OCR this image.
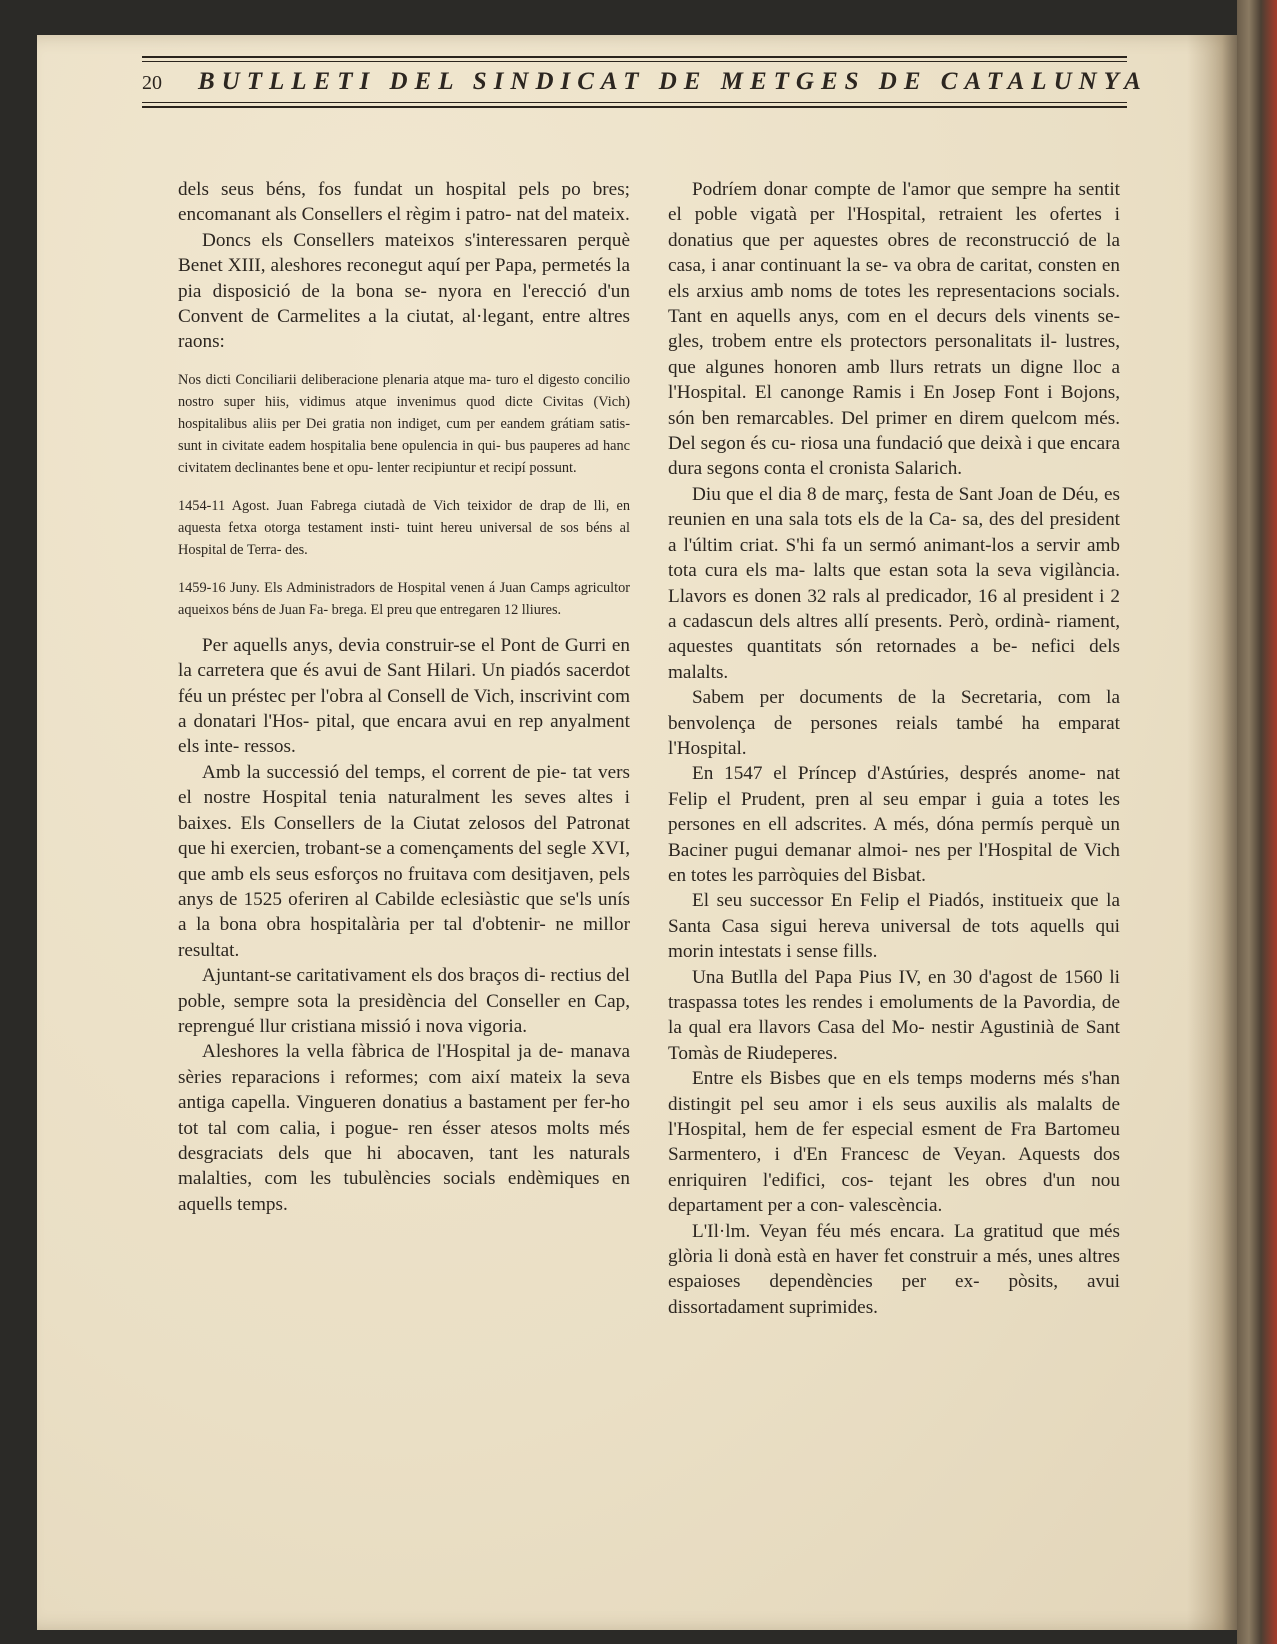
20 BUTLLETI DEL SINDICAT DE METGES DE CATALUNYA

dels seus béns, fos fundat un hospital pels po bres; encomanant als Consellers el règim i patro- nat del mateix.

Doncs els Consellers mateixos s'interessaren perquè Benet XIII, aleshores reconegut aquí per Papa, permetés la pia disposició de la bona se- nyora en l'erecció d'un Convent de Carmelites a la ciutat, al·legant, entre altres raons:

Nos dicti Conciliarii deliberacione plenaria atque ma- turo el digesto concilio nostro super hiis, vidimus atque invenimus quod dicte Civitas (Vich) hospitalibus aliis per Dei gratia non indiget, cum per eandem grátiam satis- sunt in civitate eadem hospitalia bene opulencia in qui- bus pauperes ad hanc civitatem declinantes bene et opu- lenter recipiuntur et recipí possunt.

1454-11 Agost. Juan Fabrega ciutadà de Vich teixidor de drap de lli, en aquesta fetxa otorga testament insti- tuint hereu universal de sos béns al Hospital de Terra- des.

1459-16 Juny. Els Administradors de Hospital venen á Juan Camps agricultor aqueixos béns de Juan Fa- brega. El preu que entregaren 12 lliures.

Per aquells anys, devia construir-se el Pont de Gurri en la carretera que és avui de Sant Hilari. Un piadós sacerdot féu un préstec per l'obra al Consell de Vich, inscrivint com a donatari l'Hos- pital, que encara avui en rep anyalment els inte- ressos.

Amb la successió del temps, el corrent de pie- tat vers el nostre Hospital tenia naturalment les seves altes i baixes. Els Consellers de la Ciutat zelosos del Patronat que hi exercien, trobant-se a començaments del segle XVI, que amb els seus esforços no fruitava com desitjaven, pels anys de 1525 oferiren al Cabilde eclesiàstic que se'ls unís a la bona obra hospitalària per tal d'obtenir- ne millor resultat.

Ajuntant-se caritativament els dos braços di- rectius del poble, sempre sota la presidència del Conseller en Cap, reprengué llur cristiana missió i nova vigoria.

Aleshores la vella fàbrica de l'Hospital ja de- manava sèries reparacions i reformes; com així mateix la seva antiga capella. Vingueren donatius a bastament per fer-ho tot tal com calia, i pogue- ren ésser atesos molts més desgraciats dels que hi abocaven, tant les naturals malalties, com les tubulències socials endèmiques en aquells temps.

Podríem donar compte de l'amor que sempre ha sentit el poble vigatà per l'Hospital, retraient les ofertes i donatius que per aquestes obres de reconstrucció de la casa, i anar continuant la se- va obra de caritat, consten en els arxius amb noms de totes les representacions socials. Tant en aquells anys, com en el decurs dels vinents se- gles, trobem entre els protectors personalitats il- lustres, que algunes honoren amb llurs retrats un digne lloc a l'Hospital. El canonge Ramis i En Josep Font i Bojons, són ben remarcables. Del primer en direm quelcom més. Del segon és cu- riosa una fundació que deixà i que encara dura segons conta el cronista Salarich.

Diu que el dia 8 de març, festa de Sant Joan de Déu, es reunien en una sala tots els de la Ca- sa, des del president a l'últim criat. S'hi fa un sermó animant-los a servir amb tota cura els ma- lalts que estan sota la seva vigilància. Llavors es donen 32 rals al predicador, 16 al president i 2 a cadascun dels altres allí presents. Però, ordinà- riament, aquestes quantitats són retornades a be- nefici dels malalts.

Sabem per documents de la Secretaria, com la benvolença de persones reials també ha emparat l'Hospital.

En 1547 el Príncep d'Astúries, després anome- nat Felip el Prudent, pren al seu empar i guia a totes les persones en ell adscrites. A més, dóna permís perquè un Baciner pugui demanar almoi- nes per l'Hospital de Vich en totes les parròquies del Bisbat.

El seu successor En Felip el Piadós, instituеix que la Santa Casa sigui hereva universal de tots aquells qui morin intestats i sense fills.

Una Butlla del Papa Pius IV, en 30 d'agost de 1560 li traspassa totes les rendes i emoluments de la Pavordia, de la qual era llavors Casa del Mo- nestir Agustinià de Sant Tomàs de Riudeperes.

Entre els Bisbes que en els temps moderns més s'han distingit pel seu amor i els seus auxilis als malalts de l'Hospital, hem de fer especial esment de Fra Bartomeu Sarmentero, i d'En Francesc de Veyan. Aquests dos enriquiren l'edifici, cos- tejant les obres d'un nou departament per a con- valescència.

L'Il·lm. Veyan féu més encara. La gratitud que més glòria li donà està en haver fet construir a més, unes altres espaioses dependències per ex- pòsits, avui dissortadament suprimides.
